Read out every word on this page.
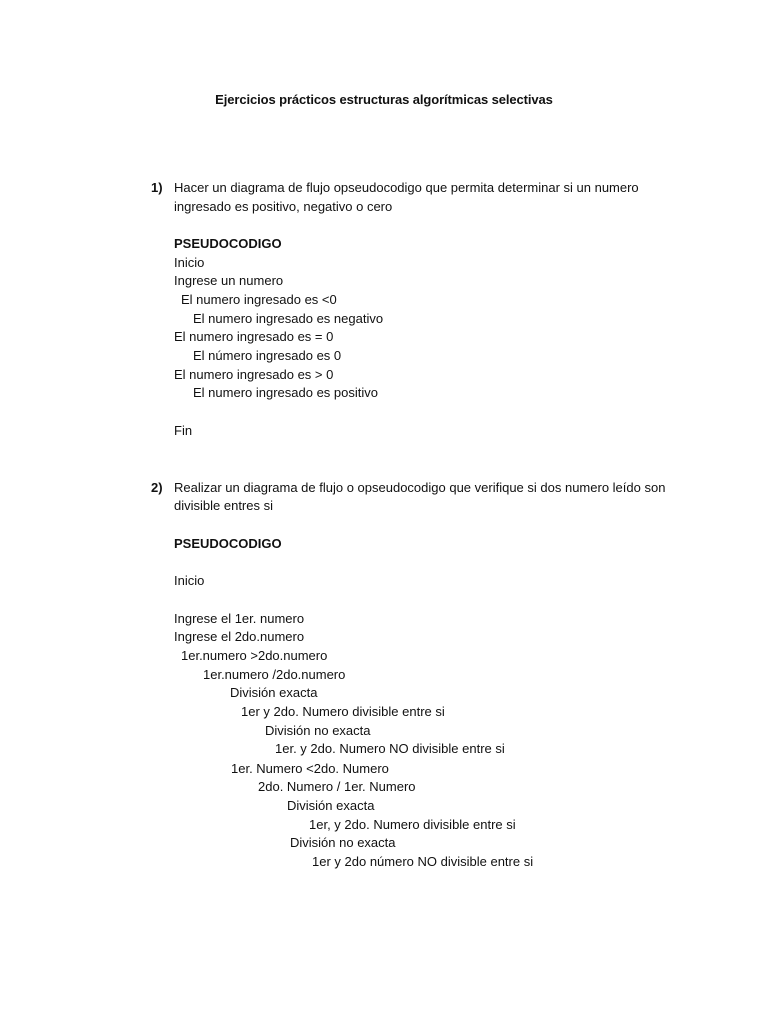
Ejercicios prácticos estructuras algorítmicas selectivas
1) Hacer un diagrama de flujo opseudocodigo que permita determinar si un numero
ingresado es positivo, negativo o cero
PSEUDOCODIGO
Inicio
Ingrese un numero
El numero ingresado es <0
El numero ingresado es negativo
El numero ingresado es = 0
El número ingresado es 0
El numero ingresado es > 0
El numero ingresado es positivo
Fin
2) Realizar un diagrama de flujo o opseudocodigo que verifique si dos numero leído son
divisible entres si
PSEUDOCODIGO
Inicio
Ingrese el 1er. numero
Ingrese el 2do.numero
1er.numero >2do.numero
1er.numero /2do.numero
División exacta
1er y 2do. Numero divisible entre si
División no exacta
1er. y 2do. Numero NO divisible entre si
1er. Numero <2do. Numero
2do. Numero / 1er. Numero
División exacta
1er, y 2do. Numero divisible entre si
División no exacta
1er y 2do número NO divisible entre si
